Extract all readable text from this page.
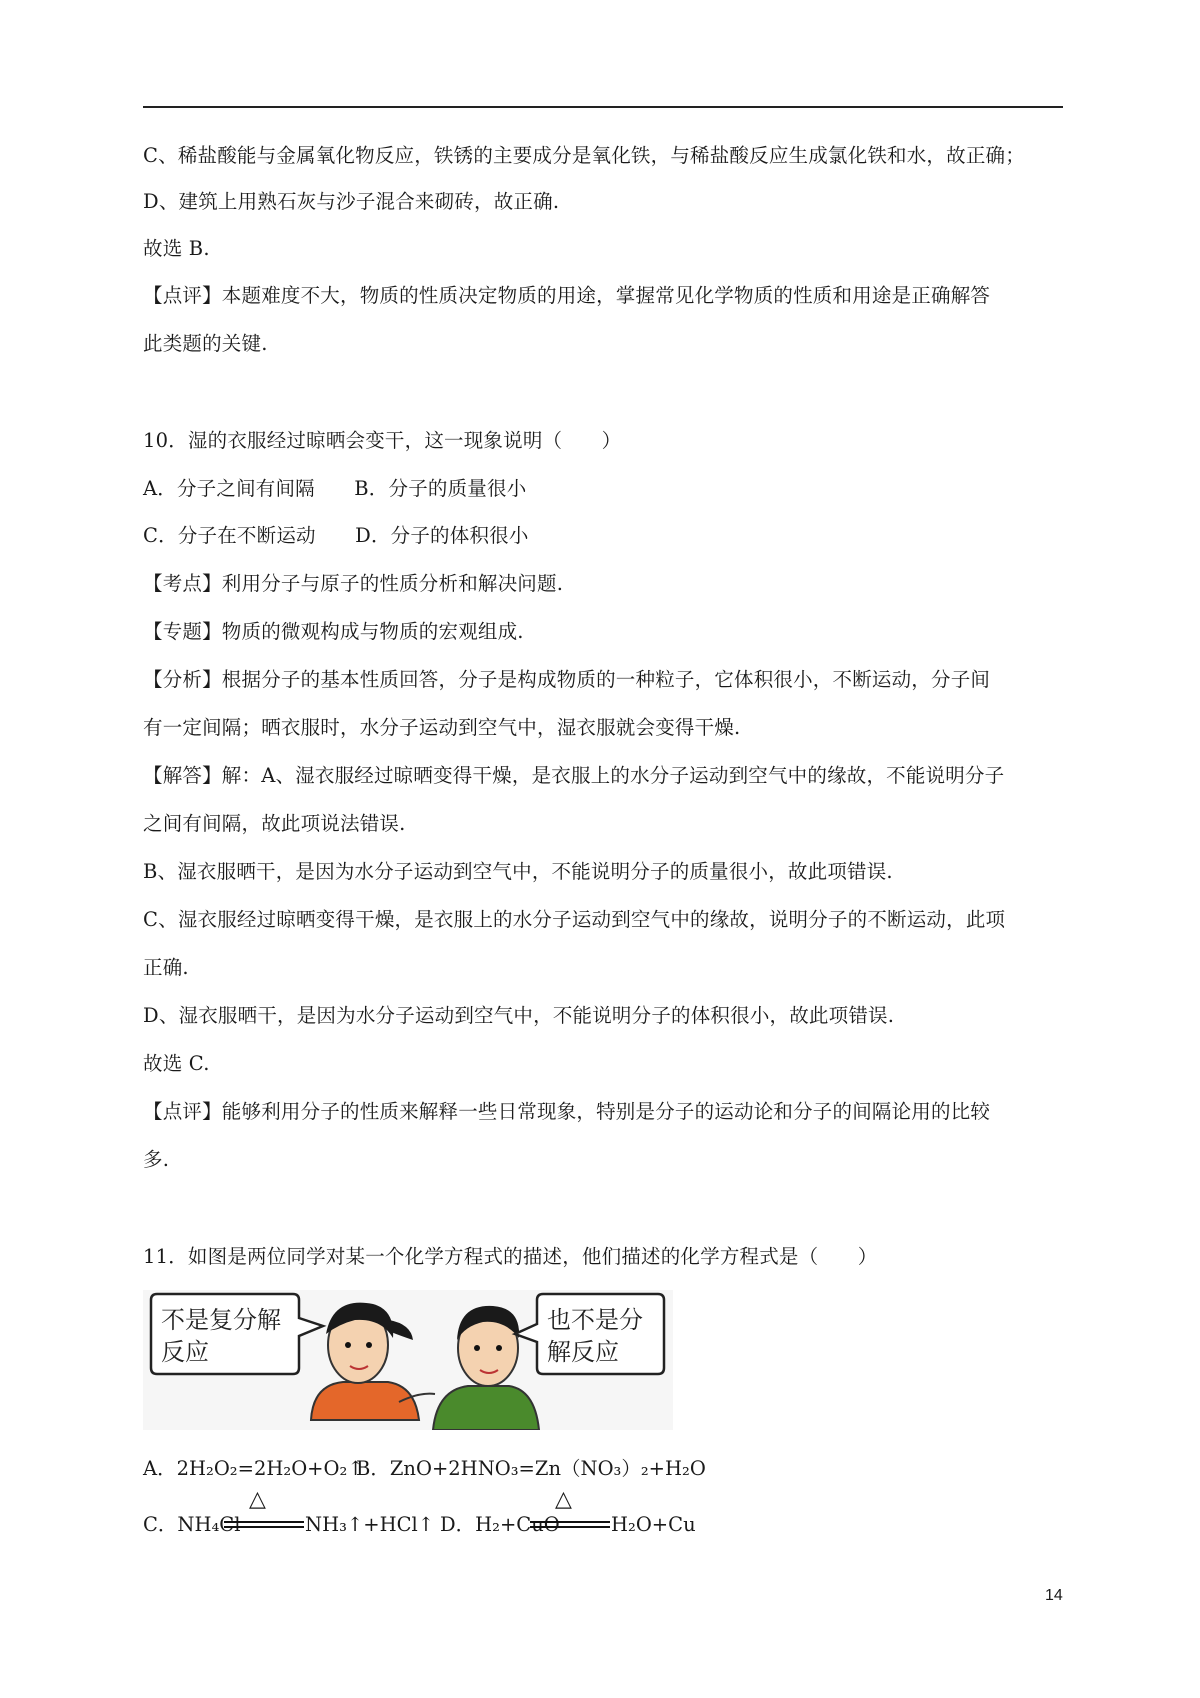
C、稀盐酸能与金属氧化物反应，铁锈的主要成分是氧化铁，与稀盐酸反应生成氯化铁和水，故正确；
D、建筑上用熟石灰与沙子混合来砌砖，故正确.
故选 B.
【点评】本题难度不大，物质的性质决定物质的用途，掌握常见化学物质的性质和用途是正确解答
此类题的关键.
10．湿的衣服经过晾晒会变干，这一现象说明（　　）
A．分子之间有间隔　　B．分子的质量很小
C．分子在不断运动　　D．分子的体积很小
【考点】利用分子与原子的性质分析和解决问题.
【专题】物质的微观构成与物质的宏观组成.
【分析】根据分子的基本性质回答，分子是构成物质的一种粒子，它体积很小，不断运动，分子间
有一定间隔；晒衣服时，水分子运动到空气中，湿衣服就会变得干燥.
【解答】解：A、湿衣服经过晾晒变得干燥，是衣服上的水分子运动到空气中的缘故，不能说明分子
之间有间隔，故此项说法错误.
B、湿衣服晒干，是因为水分子运动到空气中，不能说明分子的质量很小，故此项错误.
C、湿衣服经过晾晒变得干燥，是衣服上的水分子运动到空气中的缘故，说明分子的不断运动，此项
正确.
D、湿衣服晒干，是因为水分子运动到空气中，不能说明分子的体积很小，故此项错误.
故选 C.
【点评】能够利用分子的性质来解释一些日常现象，特别是分子的运动论和分子的间隔论用的比较
多.
11．如图是两位同学对某一个化学方程式的描述，他们描述的化学方程式是（　　）
不是复分解
反应
也不是分
解反应
A．2H₂O₂=2H₂O+O₂↑
B．ZnO+2HNO₃=Zn（NO₃）₂+H₂O
C．NH₄Cl
△
NH₃↑+HCl↑ D．H₂+CuO
△
H₂O+Cu
14
